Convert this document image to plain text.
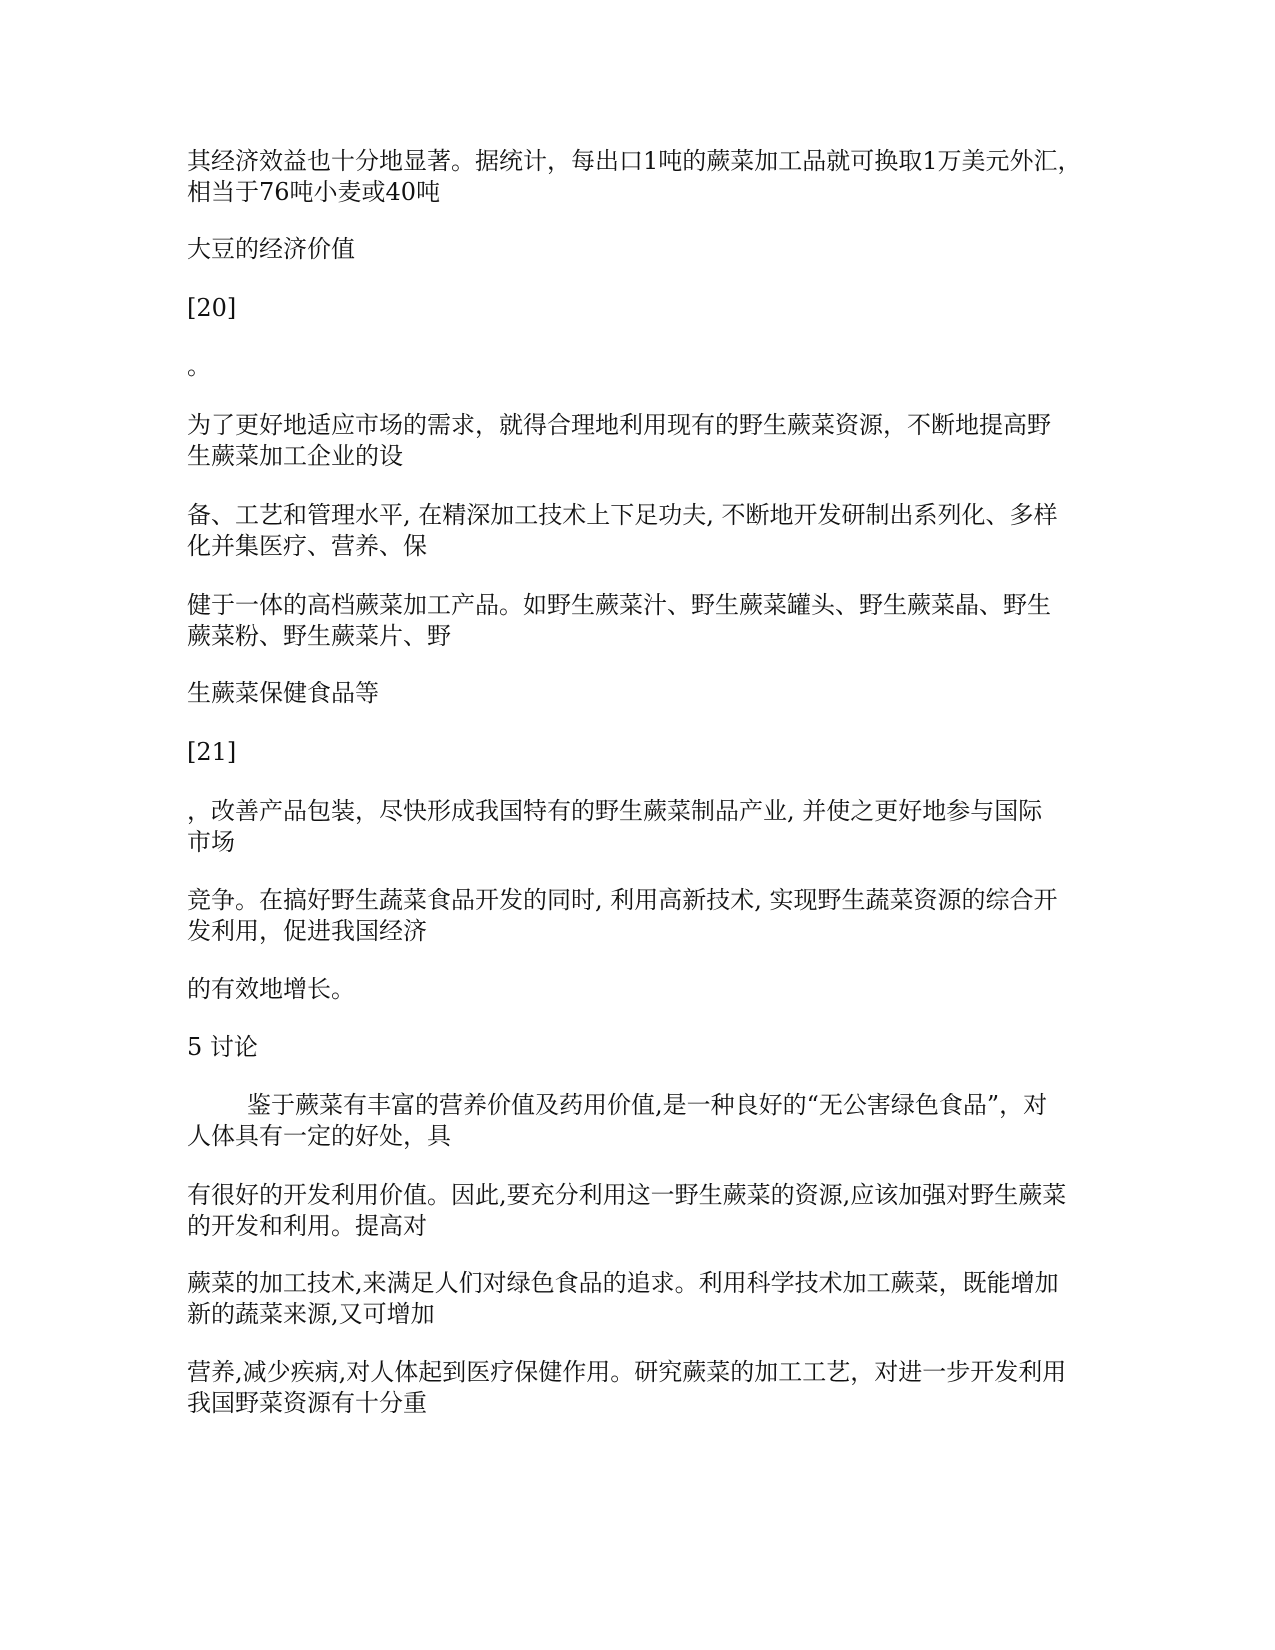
其经济效益也十分地显著。据统计，每出口1吨的蕨菜加工品就可换取1万美元外汇，
相当于76吨小麦或40吨

大豆的经济价值

[20]

。

为了更好地适应市场的需求，就得合理地利用现有的野生蕨菜资源，不断地提高野
生蕨菜加工企业的设

备、工艺和管理水平, 在精深加工技术上下足功夫, 不断地开发研制出系列化、多样
化并集医疗、营养、保

健于一体的高档蕨菜加工产品。如野生蕨菜汁、野生蕨菜罐头、野生蕨菜晶、野生
蕨菜粉、野生蕨菜片、野

生蕨菜保健食品等

[21]

，改善产品包装，尽快形成我国特有的野生蕨菜制品产业, 并使之更好地参与国际
市场

竞争。在搞好野生蔬菜食品开发的同时, 利用高新技术, 实现野生蔬菜资源的综合开
发利用，促进我国经济

的有效地增长。

5 讨论

鉴于蕨菜有丰富的营养价值及药用价值,是一种良好的“无公害绿色食品”，对
人体具有一定的好处，具

有很好的开发利用价值。因此,要充分利用这一野生蕨菜的资源,应该加强对野生蕨菜
的开发和利用。提高对

蕨菜的加工技术,来满足人们对绿色食品的追求。利用科学技术加工蕨菜，既能增加
新的蔬菜来源,又可增加

营养,减少疾病,对人体起到医疗保健作用。研究蕨菜的加工工艺，对进一步开发利用
我国野菜资源有十分重
